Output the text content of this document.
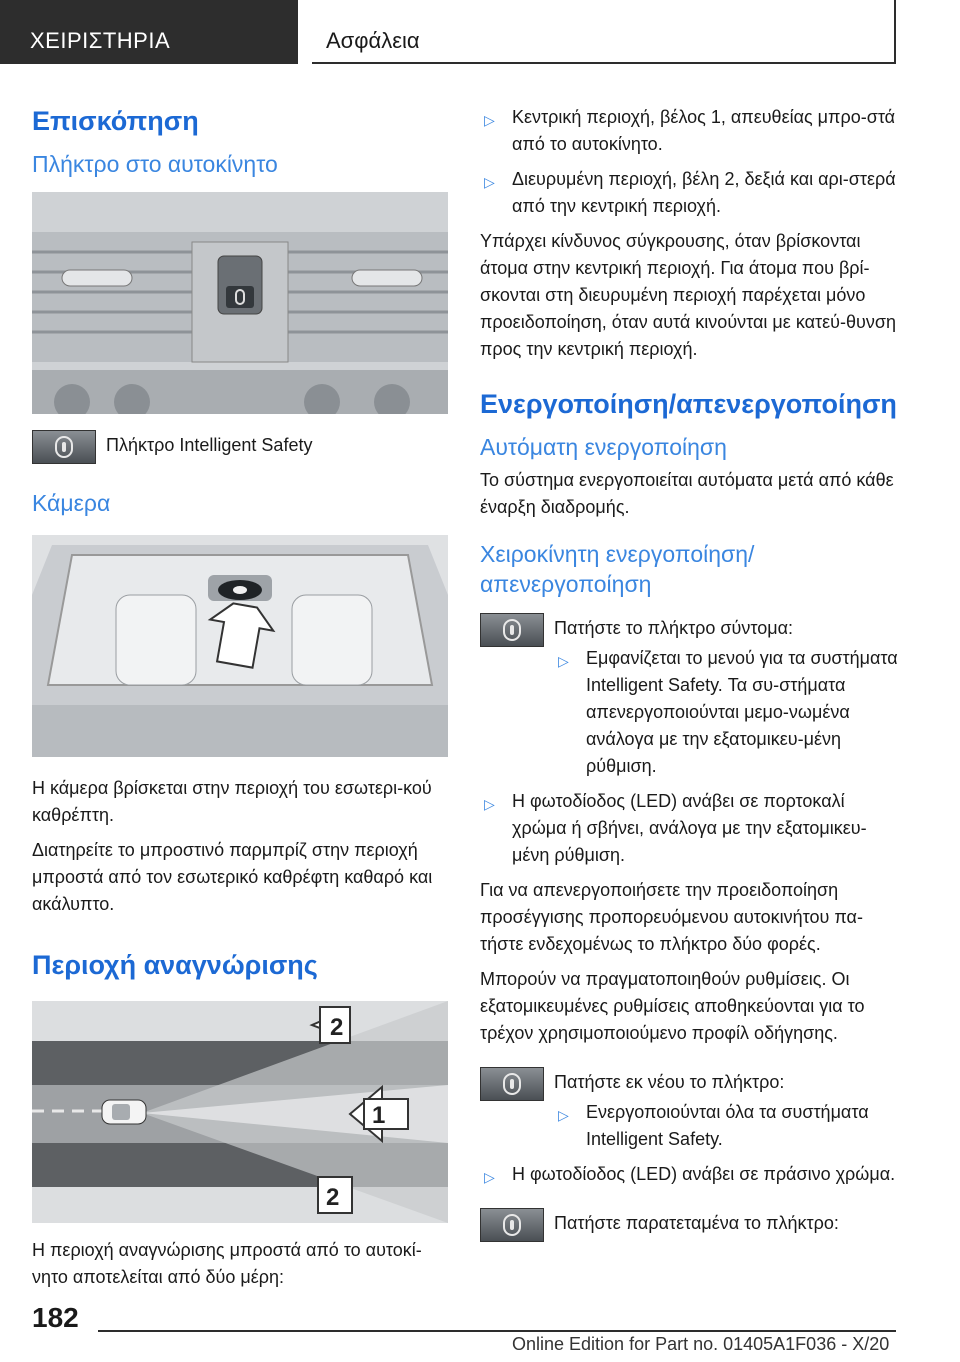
ΧΕΙΡΙΣΤΗΡΙΑ	Ασφάλεια
Επισκόπηση
Πλήκτρο στο αυτοκίνητο
Πλήκτρο Intelligent Safety
Κάμερα

Η κάμερα βρίσκεται στην περιοχή του εσωτερι‐κού καθρέπτη.

Διατηρείτε το μπροστινό παρμπρίζ στην περιοχή μπροστά από τον εσωτερικό καθρέφτη καθαρό και ακάλυπτο.

Περιοχή αναγνώρισης
2
1
2

Η περιοχή αναγνώρισης μπροστά από το αυτοκί‐νητο αποτελείται από δύο μέρη:

▷ Κεντρική περιοχή, βέλος 1, απευθείας μπρο‐στά από το αυτοκίνητο.
▷ Διευρυμένη περιοχή, βέλη 2, δεξιά και αρι‐στερά από την κεντρική περιοχή.

Υπάρχει κίνδυνος σύγκρουσης, όταν βρίσκονται άτομα στην κεντρική περιοχή. Για άτομα που βρί‐σκονται στη διευρυμένη περιοχή παρέχεται μόνο προειδοποίηση, όταν αυτά κινούνται με κατεύ‐θυνση προς την κεντρική περιοχή.

Ενεργοποίηση/απενεργοποίηση
Αυτόματη ενεργοποίηση

Το σύστημα ενεργοποιείται αυτόματα μετά από κάθε έναρξη διαδρομής.

Χειροκίνητη ενεργοποίηση/
απενεργοποίηση
Πατήστε το πλήκτρο σύντομα:
▷ Εμφανίζεται το μενού για τα συστήματα Intelligent Safety. Τα συ‐στήματα απενεργοποιούνται μεμο‐νωμένα ανάλογα με την εξατομικευ‐μένη ρύθμιση.
▷ Η φωτοδίοδος (LED) ανάβει σε πορτοκαλί χρώμα ή σβήνει, ανάλογα με την εξατομικευ‐μένη ρύθμιση.

Για να απενεργοποιήσετε την προειδοποίηση προσέγγισης προπορευόμενου αυτοκινήτου πα‐τήστε ενδεχομένως το πλήκτρο δύο φορές.

Μπορούν να πραγματοποιηθούν ρυθμίσεις. Οι εξατομικευμένες ρυθμίσεις αποθηκεύονται για το τρέχον χρησιμοποιούμενο προφίλ οδήγησης.

Πατήστε εκ νέου το πλήκτρο:
▷ Ενεργοποιούνται όλα τα συστήματα Intelligent Safety.
▷ Η φωτοδίοδος (LED) ανάβει σε πράσινο χρώμα.
Πατήστε παρατεταμένα το πλήκτρο:
182
Online Edition for Part no. 01405A1F036 - X/20
